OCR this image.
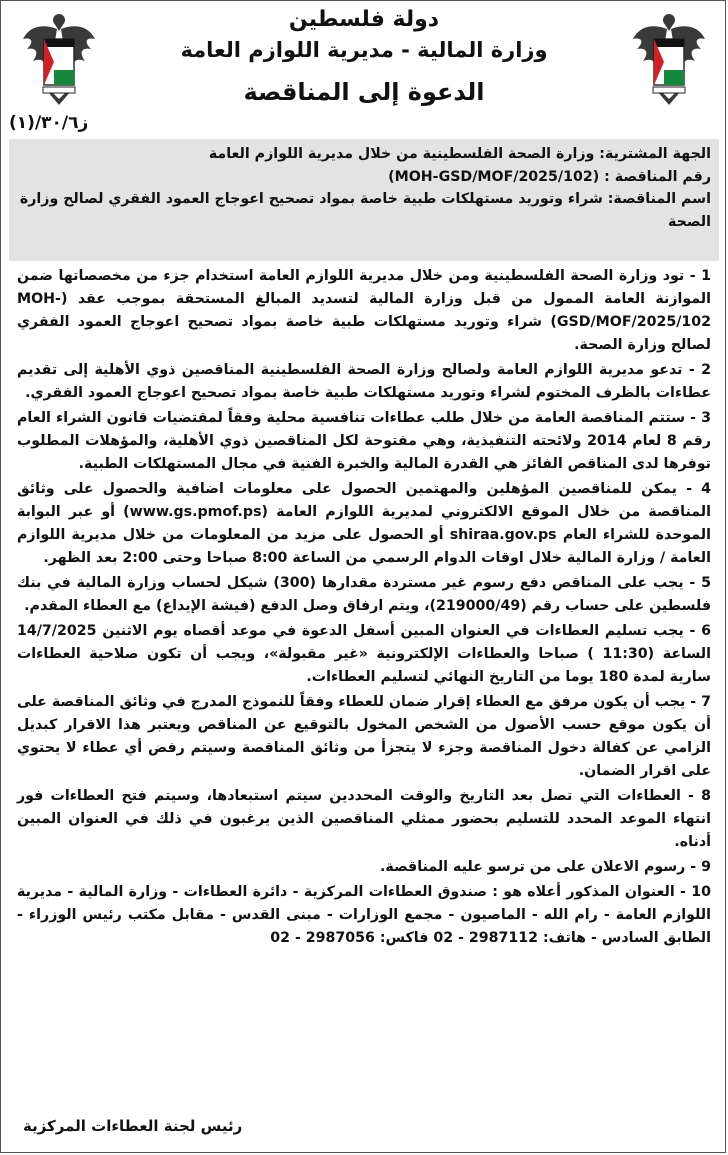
دولة فلسطين
وزارة المالية - مديرية اللوازم العامة
الدعوة إلى المناقصة
ز٣٠/٦/(١)
الجهة المشترية: وزارة الصحة الفلسطينية من خلال مديرية اللوازم العامة
رقم المناقصة : (MOH-GSD/MOF/2025/102)
اسم المناقصة: شراء وتوريد مستهلكات طبية خاصة بمواد تصحيح اعوجاج العمود الفقري لصالح وزارة الصحة

1 - تود وزارة الصحة الفلسطينية ومن خلال مديرية اللوازم العامة استخدام جزء من مخصصاتها ضمن الموازنة العامة الممول من قبل وزارة المالية لتسديد المبالغ المستحقة بموجب عقد (MOH-GSD/MOF/2025/102) شراء وتوريد مستهلكات طبية خاصة بمواد تصحيح اعوجاج العمود الفقري لصالح وزارة الصحة.

2 - تدعو مديرية اللوازم العامة ولصالح وزارة الصحة الفلسطينية المناقصين ذوي الأهلية إلى تقديم عطاءات بالظرف المختوم لشراء وتوريد مستهلكات طبية خاصة بمواد تصحيح اعوجاج العمود الفقري.

3 - ستتم المناقصة العامة من خلال طلب عطاءات تنافسية محلية وفقاً لمقتضيات قانون الشراء العام رقم 8 لعام 2014 ولائحته التنفيذية، وهي مفتوحة لكل المناقصين ذوي الأهلية، والمؤهلات المطلوب توفرها لدى المناقص الفائز هي القدرة المالية والخبرة الفنية في مجال المستهلكات الطبية.

4 - يمكن للمناقصين المؤهلين والمهتمين الحصول على معلومات اضافية والحصول على وثائق المناقصة من خلال الموقع الالكتروني لمديرية اللوازم العامة (www.gs.pmof.ps) أو عبر البوابة الموحدة للشراء العام shiraa.gov.ps أو الحصول على مزيد من المعلومات من خلال مديرية اللوازم العامة / وزارة المالية خلال اوقات الدوام الرسمي من الساعة 8:00 صباحا وحتى 2:00 بعد الظهر.

5 - يجب على المناقص دفع رسوم غير مستردة مقدارها (300) شيكل لحساب وزارة المالية في بنك فلسطين على حساب رقم (219000/49)، ويتم ارفاق وصل الدفع (فيشة الإيداع) مع العطاء المقدم.

6 - يجب تسليم العطاءات في العنوان المبين أسفل الدعوة في موعد أقصاه يوم الاثنين 14/7/2025 الساعة (11:30 ) صباحا والعطاءات الإلكترونية «غير مقبولة»، ويجب أن تكون صلاحية العطاءات سارية لمدة 180 يوما من التاريخ النهائي لتسليم العطاءات.

7 - يجب أن يكون مرفق مع العطاء إقرار ضمان للعطاء وفقاً للنموذج المدرج في وثائق المناقصة على أن يكون موقع حسب الأصول من الشخص المخول بالتوقيع عن المناقص ويعتبر هذا الاقرار كبديل الزامي عن كفالة دخول المناقصة وجزء لا يتجزأ من وثائق المناقصة وسيتم رفض أي عطاء لا يحتوي على اقرار الضمان.

8 - العطاءات التي تصل بعد التاريخ والوقت المحددين سيتم استبعادها، وسيتم فتح العطاءات فور انتهاء الموعد المحدد للتسليم بحضور ممثلي المناقصين الذين يرغبون في ذلك في العنوان المبين أدناه.

9 - رسوم الاعلان على من ترسو عليه المناقصة.

10 - العنوان المذكور أعلاه هو : صندوق العطاءات المركزية - دائرة العطاءات - وزارة المالية - مديرية اللوازم العامة - رام الله - الماصيون - مجمع الوزارات - مبنى القدس - مقابل مكتب رئيس الوزراء - الطابق السادس - هاتف: 2987112 - 02 فاكس: 2987056 - 02

رئيس لجنة العطاءات المركزية
